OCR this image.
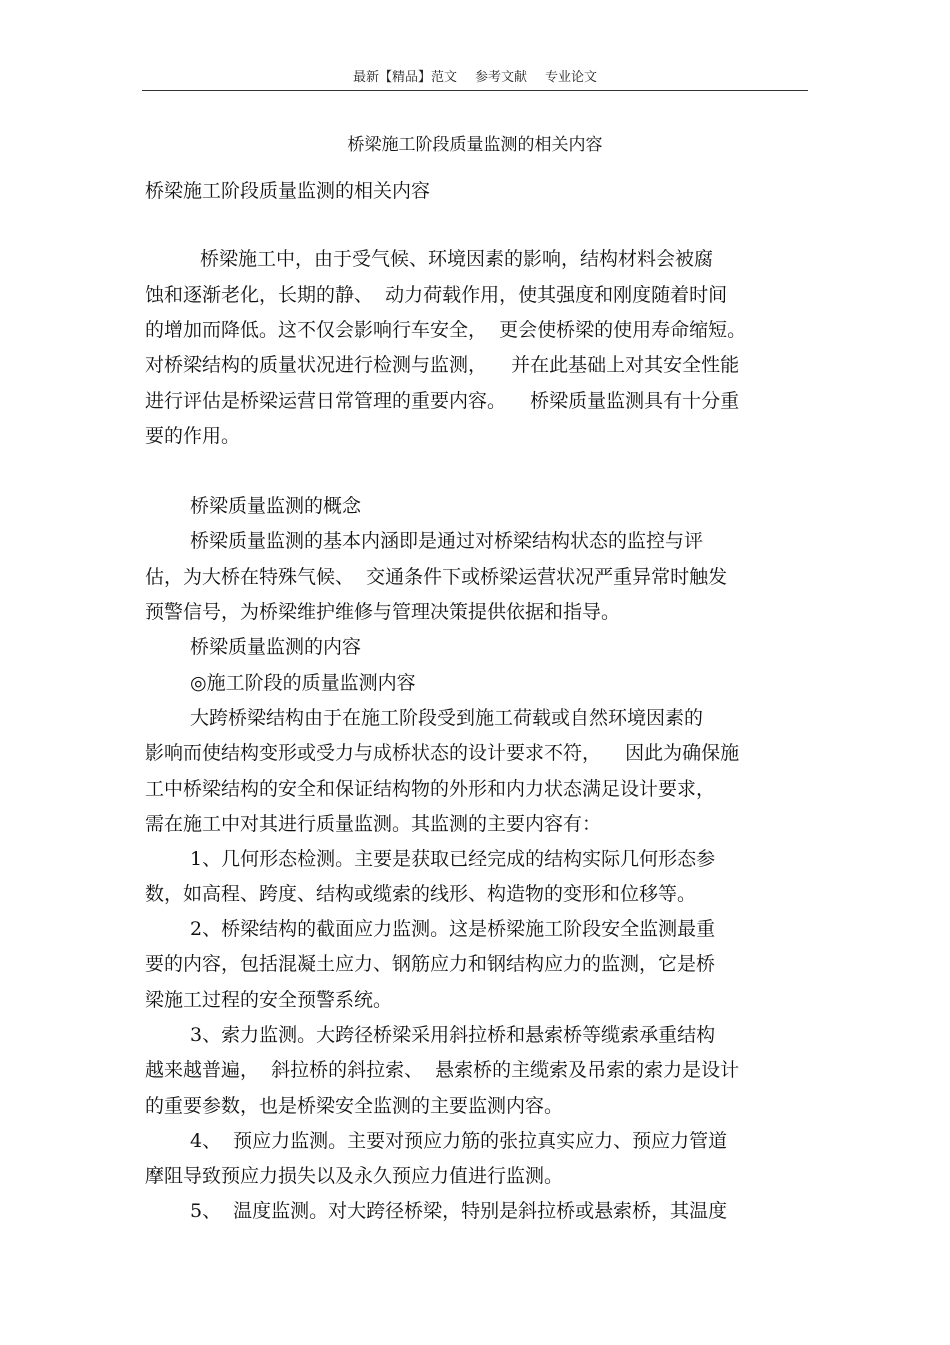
最新【精品】范文 参考文献 专业论文
桥梁施工阶段质量监测的相关内容
桥梁施工阶段质量监测的相关内容
桥梁施工中，由于受气候、环境因素的影响，结构材料会被腐
蚀和逐渐老化，长期的静、  动力荷载作用，使其强度和刚度随着时间
的增加而降低。这不仅会影响行车安全，  更会使桥梁的使用寿命缩短。
对桥梁结构的质量状况进行检测与监测，    并在此基础上对其安全性能
进行评估是桥梁运营日常管理的重要内容。    桥梁质量监测具有十分重
要的作用。
桥梁质量监测的概念
桥梁质量监测的基本内涵即是通过对桥梁结构状态的监控与评
估，为大桥在特殊气候、  交通条件下或桥梁运营状况严重异常时触发
预警信号，为桥梁维护维修与管理决策提供依据和指导。
桥梁质量监测的内容
◎施工阶段的质量监测内容
大跨桥梁结构由于在施工阶段受到施工荷载或自然环境因素的
影响而使结构变形或受力与成桥状态的设计要求不符，    因此为确保施
工中桥梁结构的安全和保证结构物的外形和内力状态满足设计要求，
需在施工中对其进行质量监测。其监测的主要内容有：
1、几何形态检测。主要是获取已经完成的结构实际几何形态参
数，如高程、跨度、结构或缆索的线形、构造物的变形和位移等。
2、桥梁结构的截面应力监测。这是桥梁施工阶段安全监测最重
要的内容，包括混凝土应力、钢筋应力和钢结构应力的监测，它是桥
梁施工过程的安全预警系统。
3、索力监测。大跨径桥梁采用斜拉桥和悬索桥等缆索承重结构
越来越普遍，  斜拉桥的斜拉索、  悬索桥的主缆索及吊索的索力是设计
的重要参数，也是桥梁安全监测的主要监测内容。
4、  预应力监测。主要对预应力筋的张拉真实应力、预应力管道
摩阻导致预应力损失以及永久预应力值进行监测。
5、  温度监测。对大跨径桥梁，特别是斜拉桥或悬索桥，其温度
